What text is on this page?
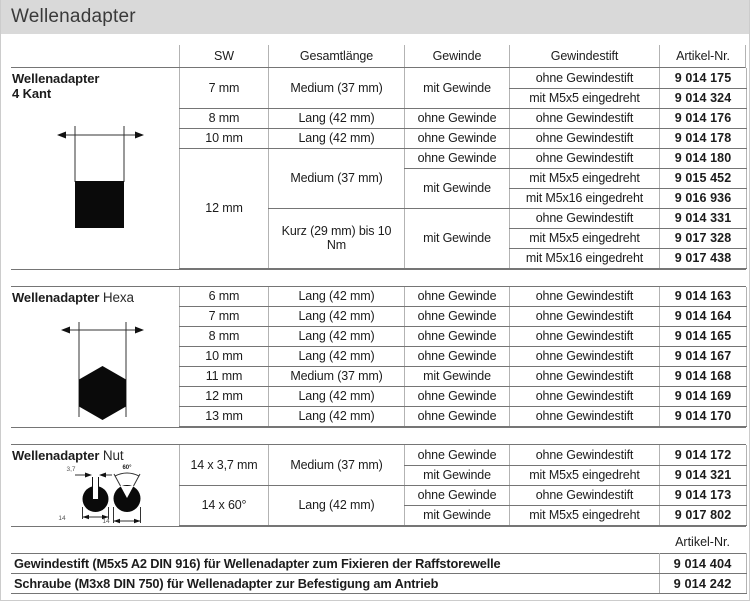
Wellenadapter
SW	Gesamtlänge	Gewinde	Gewindestift	Artikel-Nr.
Wellenadapter
4 Kant	7 mm	Medium (37 mm)	mit Gewinde	ohne Gewindestift	9 014 175
			mit M5x5 eingedreht	9 014 324
8 mm	Lang (42 mm)	ohne Gewinde	ohne Gewindestift	9 014 176
10 mm	Lang (42 mm)	ohne Gewinde	ohne Gewindestift	9 014 178
12 mm	Medium (37 mm)	ohne Gewinde	ohne Gewindestift	9 014 180
		mit Gewinde	mit M5x5 eingedreht	9 015 452
			mit M5x16 eingedreht	9 016 936
	Kurz (29 mm) bis 10 Nm	mit Gewinde	ohne Gewindestift	9 014 331
			mit M5x5 eingedreht	9 017 328
			mit M5x16 eingedreht	9 017 438
Wellenadapter Hexa	6 mm	Lang (42 mm)	ohne Gewinde	ohne Gewindestift	9 014 163
7 mm	Lang (42 mm)	ohne Gewinde	ohne Gewindestift	9 014 164
8 mm	Lang (42 mm)	ohne Gewinde	ohne Gewindestift	9 014 165
10 mm	Lang (42 mm)	ohne Gewinde	ohne Gewindestift	9 014 167
11 mm	Medium (37 mm)	mit Gewinde	ohne Gewindestift	9 014 168
12 mm	Lang (42 mm)	ohne Gewinde	ohne Gewindestift	9 014 169
13 mm	Lang (42 mm)	ohne Gewinde	ohne Gewindestift	9 014 170
Wellenadapter Nut
3,7	60°
14	14
14 x 3,7 mm	Medium (37 mm)	ohne Gewinde	ohne Gewindestift	9 014 172
		mit Gewinde	mit M5x5 eingedreht	9 014 321
14 x 60°	Lang (42 mm)	ohne Gewinde	ohne Gewindestift	9 014 173
		mit Gewinde	mit M5x5 eingedreht	9 017 802
Artikel-Nr.
Gewindestift (M5x5 A2 DIN 916) für Wellenadapter zum Fixieren der Raffstorewelle	9 014 404
Schraube (M3x8 DIN 750) für Wellenadapter zur Befestigung am Antrieb	9 014 242
